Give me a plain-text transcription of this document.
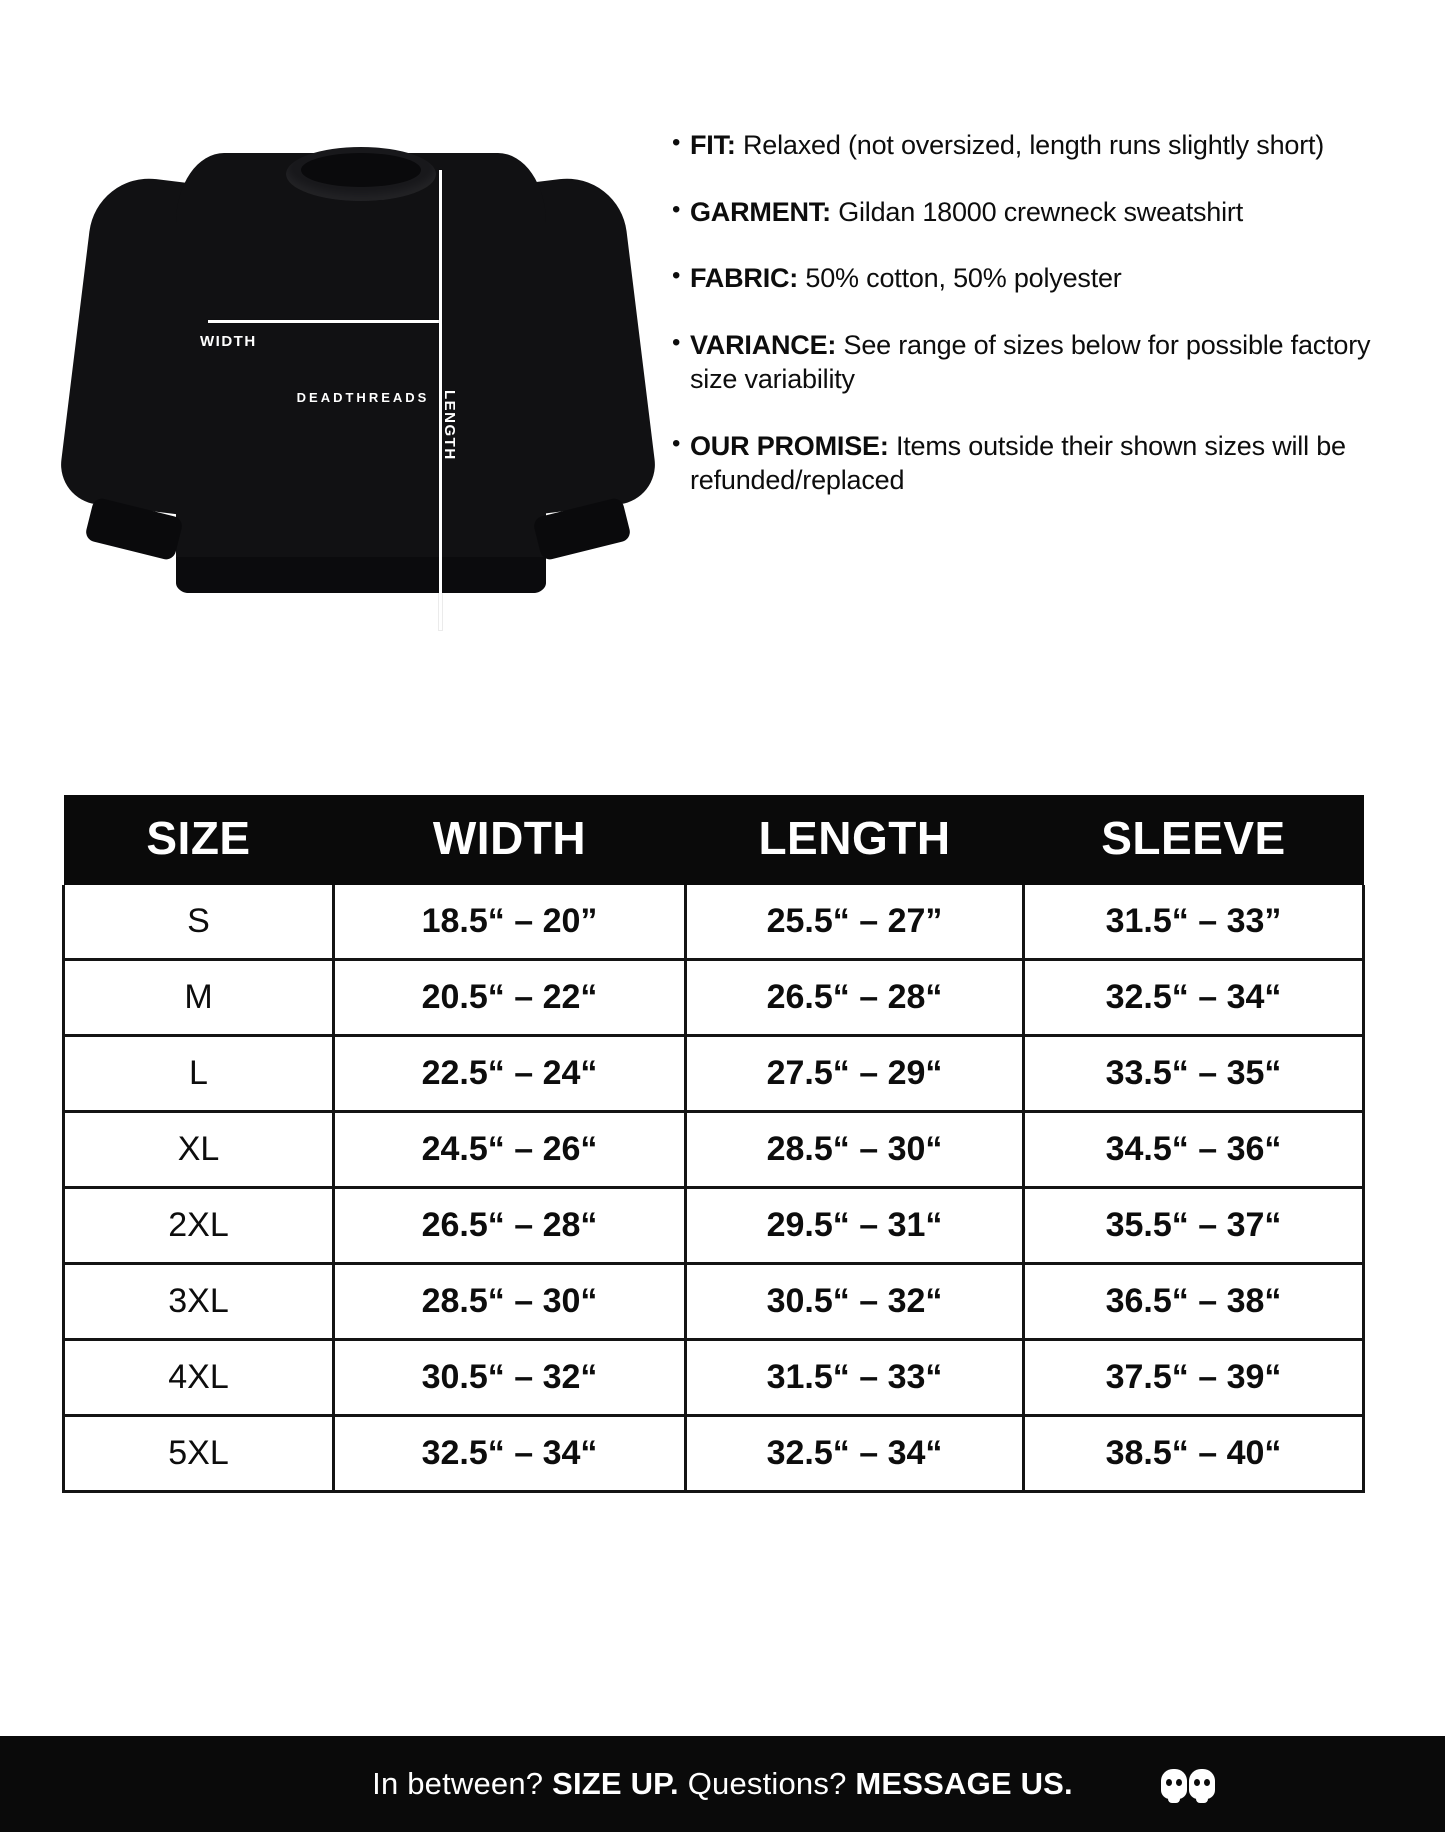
DEADTHREADS
WIDTH
LENGTH
• FIT: Relaxed (not oversized, length runs slightly short)
• GARMENT: Gildan 18000 crewneck sweatshirt
• FABRIC: 50% cotton, 50% polyester
• VARIANCE: See range of sizes below for possible factory size variability
• OUR PROMISE: Items outside their shown sizes will be refunded/replaced
SIZE	WIDTH	LENGTH	SLEEVE
S	18.5“ – 20”	25.5“ – 27”	31.5“ – 33”
M	20.5“ – 22“	26.5“ – 28“	32.5“ – 34“
L	22.5“ – 24“	27.5“ – 29“	33.5“ – 35“
XL	24.5“ – 26“	28.5“ – 30“	34.5“ – 36“
2XL	26.5“ – 28“	29.5“ – 31“	35.5“ – 37“
3XL	28.5“ – 30“	30.5“ – 32“	36.5“ – 38“
4XL	30.5“ – 32“	31.5“ – 33“	37.5“ – 39“
5XL	32.5“ – 34“	32.5“ – 34“	38.5“ – 40“
In between? SIZE UP. Questions? MESSAGE US.
